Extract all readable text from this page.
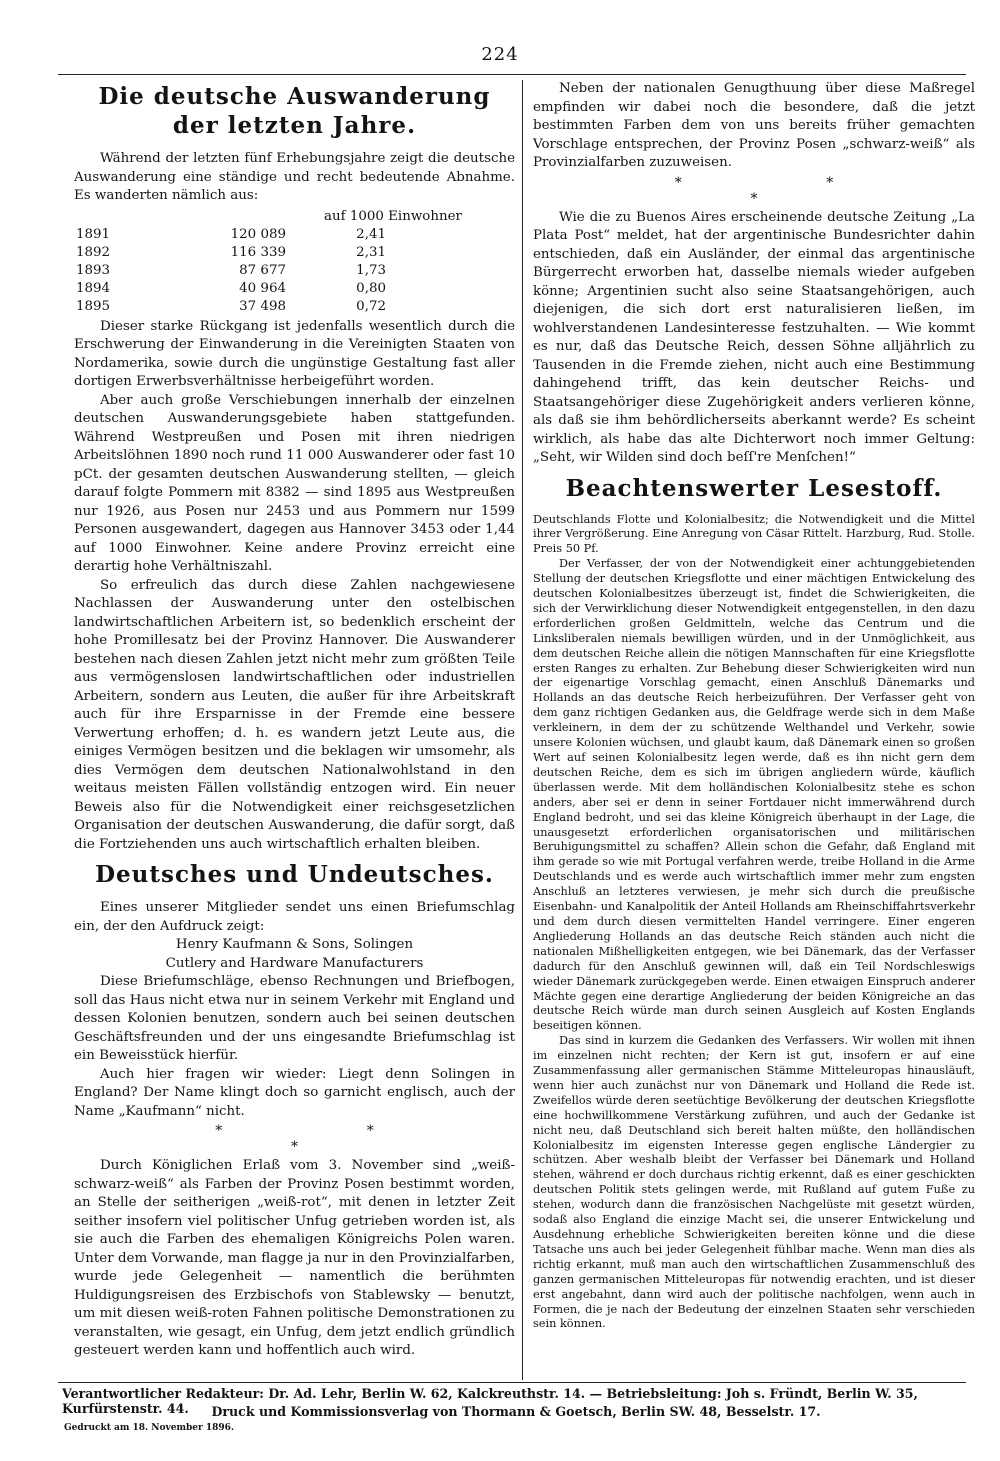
224
Die deutsche Auswanderung der letzten Jahre.

Während der letzten fünf Erhebungsjahre zeigt die deutsche Auswanderung eine ständige und recht bedeutende Abnahme. Es wanderten nämlich aus:

auf 1000 Einwohner
1891	120 089	2,41
1892	116 339	2,31
1893	87 677	1,73
1894	40 964	0,80
1895	37 498	0,72

Dieser starke Rückgang ist jedenfalls wesentlich durch die Erschwerung der Einwanderung in die Vereinigten Staaten von Nordamerika, sowie durch die ungünstige Gestaltung fast aller dortigen Erwerbsverhältnisse herbeigeführt worden.

Aber auch große Verschiebungen innerhalb der einzelnen deutschen Auswanderungsgebiete haben stattgefunden. Während Westpreußen und Posen mit ihren niedrigen Arbeitslöhnen 1890 noch rund 11 000 Auswanderer oder fast 10 pCt. der gesamten deutschen Auswanderung stellten, — gleich darauf folgte Pommern mit 8382 — sind 1895 aus Westpreußen nur 1926, aus Posen nur 2453 und aus Pommern nur 1599 Personen ausgewandert, dagegen aus Hannover 3453 oder 1,44 auf 1000 Einwohner. Keine andere Provinz erreicht eine derartig hohe Verhältniszahl.

So erfreulich das durch diese Zahlen nachgewiesene Nachlassen der Auswanderung unter den ostelbischen landwirtschaftlichen Arbeitern ist, so bedenklich erscheint der hohe Promillesatz bei der Provinz Hannover. Die Auswanderer bestehen nach diesen Zahlen jetzt nicht mehr zum größten Teile aus vermögenslosen landwirtschaftlichen oder industriellen Arbeitern, sondern aus Leuten, die außer für ihre Arbeitskraft auch für ihre Ersparnisse in der Fremde eine bessere Verwertung erhoffen; d. h. es wandern jetzt Leute aus, die einiges Vermögen besitzen und die beklagen wir umsomehr, als dies Vermögen dem deutschen Nationalwohlstand in den weitaus meisten Fällen vollständig entzogen wird. Ein neuer Beweis also für die Notwendigkeit einer reichsgesetzlichen Organisation der deutschen Auswanderung, die dafür sorgt, daß die Fortziehenden uns auch wirtschaftlich erhalten bleiben.

Deutsches und Undeutsches.

Eines unserer Mitglieder sendet uns einen Briefumschlag ein, der den Aufdruck zeigt:

Henry Kaufmann & Sons, Solingen

Cutlery and Hardware Manufacturers

Diese Briefumschläge, ebenso Rechnungen und Briefbogen, soll das Haus nicht etwa nur in seinem Verkehr mit England und dessen Kolonien benutzen, sondern auch bei seinen deutschen Geschäftsfreunden und der uns eingesandte Briefumschlag ist ein Beweisstück hierfür.

Auch hier fragen wir wieder: Liegt denn Solingen in England? Der Name klingt doch so garnicht englisch, auch der Name „Kaufmann“ nicht.

* * *

Durch Königlichen Erlaß vom 3. November sind „weiß-schwarz-weiß“ als Farben der Provinz Posen bestimmt worden, an Stelle der seitherigen „weiß-rot“, mit denen in letzter Zeit seither insofern viel politischer Unfug getrieben worden ist, als sie auch die Farben des ehemaligen Königreichs Polen waren. Unter dem Vorwande, man flagge ja nur in den Provinzialfarben, wurde jede Gelegenheit — namentlich die berühmten Huldigungsreisen des Erzbischofs von Stablewsky — benutzt, um mit diesen weiß-roten Fahnen politische Demonstrationen zu veranstalten, wie gesagt, ein Unfug, dem jetzt endlich gründlich gesteuert werden kann und hoffentlich auch wird.

Neben der nationalen Genugthuung über diese Maßregel empfinden wir dabei noch die besondere, daß die jetzt bestimmten Farben dem von uns bereits früher gemachten Vorschlage entsprechen, der Provinz Posen „schwarz-weiß“ als Provinzialfarben zuzuweisen.

* * *

Wie die zu Buenos Aires erscheinende deutsche Zeitung „La Plata Post“ meldet, hat der argentinische Bundesrichter dahin entschieden, daß ein Ausländer, der einmal das argentinische Bürgerrecht erworben hat, dasselbe niemals wieder aufgeben könne; Argentinien sucht also seine Staatsangehörigen, auch diejenigen, die sich dort erst naturalisieren ließen, im wohlverstandenen Landesinteresse festzuhalten. — Wie kommt es nur, daß das Deutsche Reich, dessen Söhne alljährlich zu Tausenden in die Fremde ziehen, nicht auch eine Bestimmung dahingehend trifft, das kein deutscher Reichs- und Staatsangehöriger diese Zugehörigkeit anders verlieren könne, als daß sie ihm behördlicherseits aberkannt werde? Es scheint wirklich, als habe das alte Dichterwort noch immer Geltung: „Seht, wir Wilden sind doch beſſ're Menſchen!“

Beachtenswerter Lesestoff.

Deutschlands Flotte und Kolonialbesitz; die Notwendigkeit und die Mittel ihrer Vergrößerung. Eine Anregung von Cäsar Rittelt. Harzburg, Rud. Stolle. Preis 50 Pf.

Der Verfasser, der von der Notwendigkeit einer achtunggebietenden Stellung der deutschen Kriegsflotte und einer mächtigen Entwickelung des deutschen Kolonialbesitzes überzeugt ist, findet die Schwierigkeiten, die sich der Verwirklichung dieser Notwendigkeit entgegenstellen, in den dazu erforderlichen großen Geldmitteln, welche das Centrum und die Linksliberalen niemals bewilligen würden, und in der Unmöglichkeit, aus dem deutschen Reiche allein die nötigen Mannschaften für eine Kriegsflotte ersten Ranges zu erhalten. Zur Behebung dieser Schwierigkeiten wird nun der eigenartige Vorschlag gemacht, einen Anschluß Dänemarks und Hollands an das deutsche Reich herbeizuführen. Der Verfasser geht von dem ganz richtigen Gedanken aus, die Geldfrage werde sich in dem Maße verkleinern, in dem der zu schützende Welthandel und Verkehr, sowie unsere Kolonien wüchsen, und glaubt kaum, daß Dänemark einen so großen Wert auf seinen Kolonialbesitz legen werde, daß es ihn nicht gern dem deutschen Reiche, dem es sich im übrigen angliedern würde, käuflich überlassen werde. Mit dem holländischen Kolonialbesitz stehe es schon anders, aber sei er denn in seiner Fortdauer nicht immerwährend durch England bedroht, und sei das kleine Königreich überhaupt in der Lage, die unausgesetzt erforderlichen organisatorischen und militärischen Beruhigungsmittel zu schaffen? Allein schon die Gefahr, daß England mit ihm gerade so wie mit Portugal verfahren werde, treibe Holland in die Arme Deutschlands und es werde auch wirtschaftlich immer mehr zum engsten Anschluß an letzteres verwiesen, je mehr sich durch die preußische Eisenbahn- und Kanalpolitik der Anteil Hollands am Rheinschiffahrtsverkehr und dem durch diesen vermittelten Handel verringere. Einer engeren Angliederung Hollands an das deutsche Reich ständen auch nicht die nationalen Mißhelligkeiten entgegen, wie bei Dänemark, das der Verfasser dadurch für den Anschluß gewinnen will, daß ein Teil Nordschleswigs wieder Dänemark zurückgegeben werde. Einen etwaigen Einspruch anderer Mächte gegen eine derartige Angliederung der beiden Königreiche an das deutsche Reich würde man durch seinen Ausgleich auf Kosten Englands beseitigen können.

Das sind in kurzem die Gedanken des Verfassers. Wir wollen mit ihnen im einzelnen nicht rechten; der Kern ist gut, insofern er auf eine Zusammenfassung aller germanischen Stämme Mitteleuropas hinausläuft, wenn hier auch zunächst nur von Dänemark und Holland die Rede ist. Zweifellos würde deren seetüchtige Bevölkerung der deutschen Kriegsflotte eine hochwillkommene Verstärkung zuführen, und auch der Gedanke ist nicht neu, daß Deutschland sich bereit halten müßte, den holländischen Kolonialbesitz im eigensten Interesse gegen englische Ländergier zu schützen. Aber weshalb bleibt der Verfasser bei Dänemark und Holland stehen, während er doch durchaus richtig erkennt, daß es einer geschickten deutschen Politik stets gelingen werde, mit Rußland auf gutem Fuße zu stehen, wodurch dann die französischen Nachgelüste mit gesetzt würden, sodaß also England die einzige Macht sei, die unserer Entwickelung und Ausdehnung erhebliche Schwierigkeiten bereiten könne und die diese Tatsache uns auch bei jeder Gelegenheit fühlbar mache. Wenn man dies als richtig erkannt, muß man auch den wirtschaftlichen Zusammenschluß des ganzen germanischen Mitteleuropas für notwendig erachten, und ist dieser erst angebahnt, dann wird auch der politische nachfolgen, wenn auch in Formen, die je nach der Bedeutung der einzelnen Staaten sehr verschieden sein können.

Verantwortlicher Redakteur: Dr. Ad. Lehr, Berlin W. 62, Kalckreuthstr. 14. — Betriebsleitung: Joh s. Fründt, Berlin W. 35, Kurfürstenstr. 44.	Druck und Kommissionsverlag von Thormann & Goetsch, Berlin SW. 48, Besselstr. 17.
Gedruckt am 18. November 1896.
